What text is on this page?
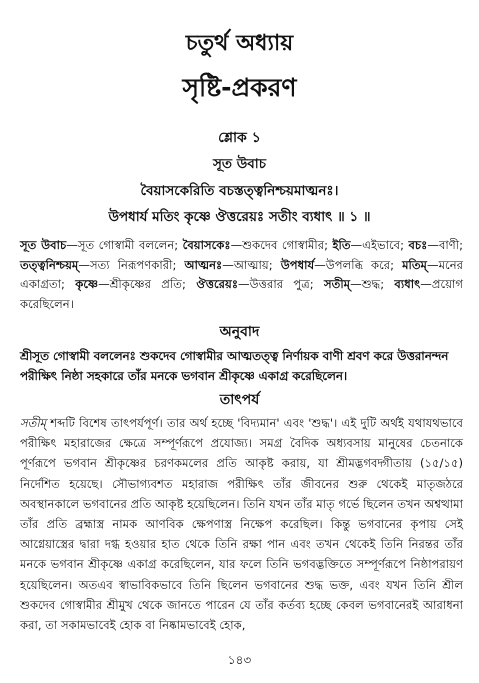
চতুর্থ অধ্যায়
সৃষ্টি-প্রকরণ
শ্লোক ১
সূত উবাচ
বৈয়াসকেরিতি বচস্তত্ত্বনিশ্চয়মাত্মনঃ।
উপধার্য মতিং কৃষ্ণে ঔত্তরেয়ঃ সতীং ব্যধাৎ ॥ ১ ॥
সূত উবাচ—সূত গোস্বামী বললেন; বৈয়াসকেঃ—শুকদেব গোস্বামীর; ইতি—এইভাবে; বচঃ—বাণী; তত্ত্বনিশ্চয়ম্—সত্য নিরূপণকারী; আত্মনঃ—আত্মায়; উপধার্য—উপলব্ধি করে; মতিম্—মনের একাগ্রতা; কৃষ্ণে—শ্রীকৃষ্ণের প্রতি; ঔত্তরেয়ঃ—উত্তরার পুত্র; সতীম্—শুদ্ধ; ব্যধাৎ—প্রয়োগ করেছিলেন।
অনুবাদ
শ্রীসূত গোস্বামী বললেনঃ শুকদেব গোস্বামীর আত্মতত্ত্ব নির্ণায়ক বাণী শ্রবণ করে উত্তরানন্দন পরীক্ষিৎ নিষ্ঠা সহকারে তাঁর মনকে ভগবান শ্রীকৃষ্ণে একাগ্র করেছিলেন।
তাৎপর্য
সতীম্ শব্দটি বিশেষ তাৎপর্যপূর্ণ। তার অর্থ হচ্ছে 'বিদ্যমান' এবং 'শুদ্ধ'। এই দুটি অর্থই যথাযথভাবে পরীক্ষিৎ মহারাজের ক্ষেত্রে সম্পূর্ণরূপে প্রযোজ্য। সমগ্র বৈদিক অধ্যবসায় মানুষের চেতনাকে পূর্ণরূপে ভগবান শ্রীকৃষ্ণের চরণকমলের প্রতি আকৃষ্ট করায়, যা শ্রীমদ্ভগবদ্গীতায় (১৫/১৫) নির্দেশিত হয়েছে। সৌভাগ্যবশত মহারাজ পরীক্ষিৎ তাঁর জীবনের শুরু থেকেই মাতৃজঠরে অবস্থানকালে ভগবানের প্রতি আকৃষ্ট হয়েছিলেন। তিনি যখন তাঁর মাতৃ গর্ভে ছিলেন তখন অশ্বত্থামা তাঁর প্রতি ব্রহ্মাস্ত্র নামক আণবিক ক্ষেপণাস্ত্র নিক্ষেপ করেছিল। কিন্তু ভগবানের কৃপায় সেই আগ্নেয়াস্ত্রের দ্বারা দগ্ধ হওয়ার হাত থেকে তিনি রক্ষা পান এবং তখন থেকেই তিনি নিরন্তর তাঁর মনকে ভগবান শ্রীকৃষ্ণে একাগ্র করেছিলেন, যার ফলে তিনি ভগবদ্ভক্তিতে সম্পূর্ণরূপে নিষ্ঠাপরায়ণ হয়েছিলেন। অতএব স্বাভাবিকভাবে তিনি ছিলেন ভগবানের শুদ্ধ ভক্ত, এবং যখন তিনি শ্রীল শুকদেব গোস্বামীর শ্রীমুখ থেকে জানতে পারেন যে তাঁর কর্তব্য হচ্ছে কেবল ভগবানেরই আরাধনা করা, তা সকামভাবেই হোক বা নিষ্কামভাবেই হোক,
১৪৩
